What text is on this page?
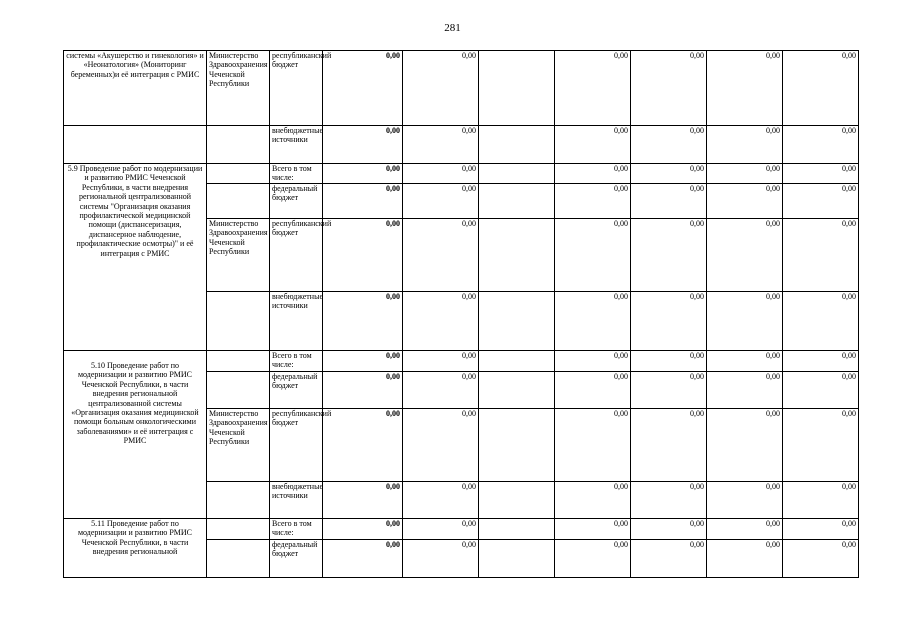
281
системы «Акушерство и гинекология» и «Неонатология» (Мониторинг беременных)и её интеграция с РМИС	Министерство Здравоохранения Чеченской Республики	республиканский бюджет	0,00	0,00		0,00	0,00	0,00	0,00
		внебюджетные источники	0,00	0,00		0,00	0,00	0,00	0,00
5.9 Проведение работ по модернизации и развитию РМИС Чеченской Республики, в части внедрения региональной централизованной системы "Организация оказания профилактической медицинской помощи (диспансеризация, диспансерное наблюдение, профилактические осмотры)" и её интеграция с РМИС		Всего в том числе:	0,00	0,00		0,00	0,00	0,00	0,00
		федеральный бюджет	0,00	0,00		0,00	0,00	0,00	0,00
	Министерство Здравоохранения Чеченской Республики	республиканский бюджет	0,00	0,00		0,00	0,00	0,00	0,00
		внебюджетные источники	0,00	0,00		0,00	0,00	0,00	0,00
5.10 Проведение работ по модернизации и развитию РМИС Чеченской Республики, в части внедрения региональной централизованной системы «Организация оказания медицинской помощи больным онкологическими заболеваниями» и её интеграция с РМИС		Всего в том числе:	0,00	0,00		0,00	0,00	0,00	0,00
		федеральный бюджет	0,00	0,00		0,00	0,00	0,00	0,00
	Министерство Здравоохранения Чеченской Республики	республиканский бюджет	0,00	0,00		0,00	0,00	0,00	0,00
		внебюджетные источники	0,00	0,00		0,00	0,00	0,00	0,00
5.11 Проведение работ по модернизации и развитию РМИС Чеченской Республики, в части внедрения региональной		Всего в том числе:	0,00	0,00		0,00	0,00	0,00	0,00
		федеральный бюджет	0,00	0,00		0,00	0,00	0,00	0,00
